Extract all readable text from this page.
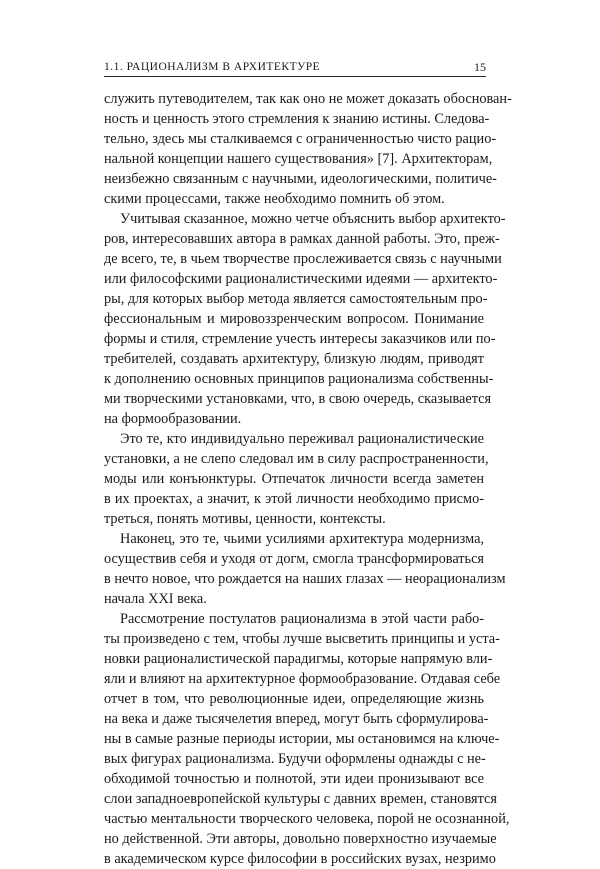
1.1. РАЦИОНАЛИЗМ В АРХИТЕКТУРЕ	15
служить путеводителем, так как оно не может доказать обоснован-
ность и ценность этого стремления к знанию истины. Следова-
тельно, здесь мы сталкиваемся с ограниченностью чисто рацио-
нальной концепции нашего существования» [7]. Архитекторам,
неизбежно связанным с научными, идеологическими, политиче-
скими процессами, также необходимо помнить об этом.
Учитывая сказанное, можно четче объяснить выбор архитекто-
ров, интересовавших автора в рамках данной работы. Это, преж-
де всего, те, в чьем творчестве прослеживается связь с научными
или философскими рационалистическими идеями — архитекто-
ры, для которых выбор метода является самостоятельным про-
фессиональным и мировоззренческим вопросом. Понимание
формы и стиля, стремление учесть интересы заказчиков или по-
требителей, создавать архитектуру, близкую людям, приводят
к дополнению основных принципов рационализма собственны-
ми творческими установками, что, в свою очередь, сказывается
на формообразовании.
Это те, кто индивидуально переживал рационалистические
установки, а не слепо следовал им в силу распространенности,
моды или конъюнктуры. Отпечаток личности всегда заметен
в их проектах, а значит, к этой личности необходимо присмо-
треться, понять мотивы, ценности, контексты.
Наконец, это те, чьими усилиями архитектура модернизма,
осуществив себя и уходя от догм, смогла трансформироваться
в нечто новое, что рождается на наших глазах — неорационализм
начала XXI века.
Рассмотрение постулатов рационализма в этой части рабо-
ты произведено с тем, чтобы лучше высветить принципы и уста-
новки рационалистической парадигмы, которые напрямую вли-
яли и влияют на архитектурное формообразование. Отдавая себе
отчет в том, что революционные идеи, определяющие жизнь
на века и даже тысячелетия вперед, могут быть сформулирова-
ны в самые разные периоды истории, мы остановимся на ключе-
вых фигурах рационализма. Будучи оформлены однажды с не-
обходимой точностью и полнотой, эти идеи пронизывают все
слои западноевропейской культуры с давних времен, становятся
частью ментальности творческого человека, порой не осознанной,
но действенной. Эти авторы, довольно поверхностно изучаемые
в академическом курсе философии в российских вузах, незримо
